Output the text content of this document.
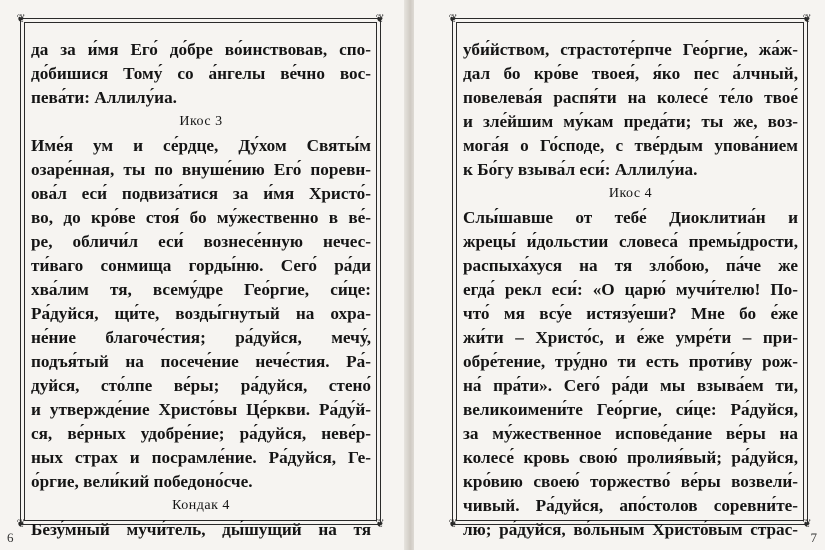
❦	❦
❦	❦
да за и́мя Его́ до́бре во́инствовав, спо-
до́бишися Тому́ со а́нгелы ве́чно вос-
пева́ти: Аллилу́иа.
Икос 3
Име́я ум и се́рдце, Ду́хом Святы́м
озаре́нная, ты по внуше́нию Его́ поревн-
ова́л еси́ подвиза́тися за и́мя Христо́-
во, до кро́ве стоя́ бо му́жественно в ве́-
ре, обличи́л еси́ вознесе́нную нечес-
ти́ваго сонмища горды́ню. Сего́ ра́ди
хва́лим тя, всему́дре Гео́ргие, си́це:
Ра́дуйся, щи́те, возды́гнутый на охра-
не́ние благоче́стия; ра́дуйся, мечу́,
подъя́тый на посече́ние нече́стия. Ра́-
дуйся, сто́лпе ве́ры; ра́дуйся, стено́
и утвержде́ние Христо́вы Це́ркви. Ра́ду́й-
ся, ве́рных удобре́ние; ра́дуйся, неве́р-
ных страх и посрамле́ние. Ра́дуйся, Ге-
о́ргие, вели́кий победоно́сче.
Кондак 4
Безу́мный мучи́тель, ды́шущий на тя
6
❦	❦
❦	❦
уби́йством, страстоте́рпче Гео́ргие, жа́ж-
дал бо кро́ве твоея́, я́ко пес а́лчный,
повелева́я распя́ти на колесе́ те́ло твое́
и зле́йшим му́кам преда́ти; ты же, воз-
мога́я о Го́споде, с тве́рдым упова́нием
к Бо́гу взыва́л еси́: Аллилу́иа.
Икос 4
Слы́шавше от тебе́ Диоклитиа́н и
жрецы́ и́дольстии словеса́ премы́дрости,
распыха́хуся на тя зло́бою, па́че же
егда́ рекл еси́: «О царю́ мучи́телю! По-
что́ мя всу́е истязу́еши? Мне бо е́же
жи́ти – Христо́с, и е́же умре́ти – при-
обре́тение, тру́дно ти есть проти́ву рож-
на́ пра́ти». Сего́ ра́ди мы взыва́ем ти,
великоимени́те Гео́ргие, си́це: Ра́дуйся,
за му́жественное испове́дание ве́ры на
колесе́ кровь свою́ пролия́вый; ра́дуйся,
кро́вию своею́ торжество́ ве́ры возвели́-
чивый. Ра́дуйся, апо́столов соревни́те-
лю; ра́дуйся, во́льным Христо́вым страс- 7
